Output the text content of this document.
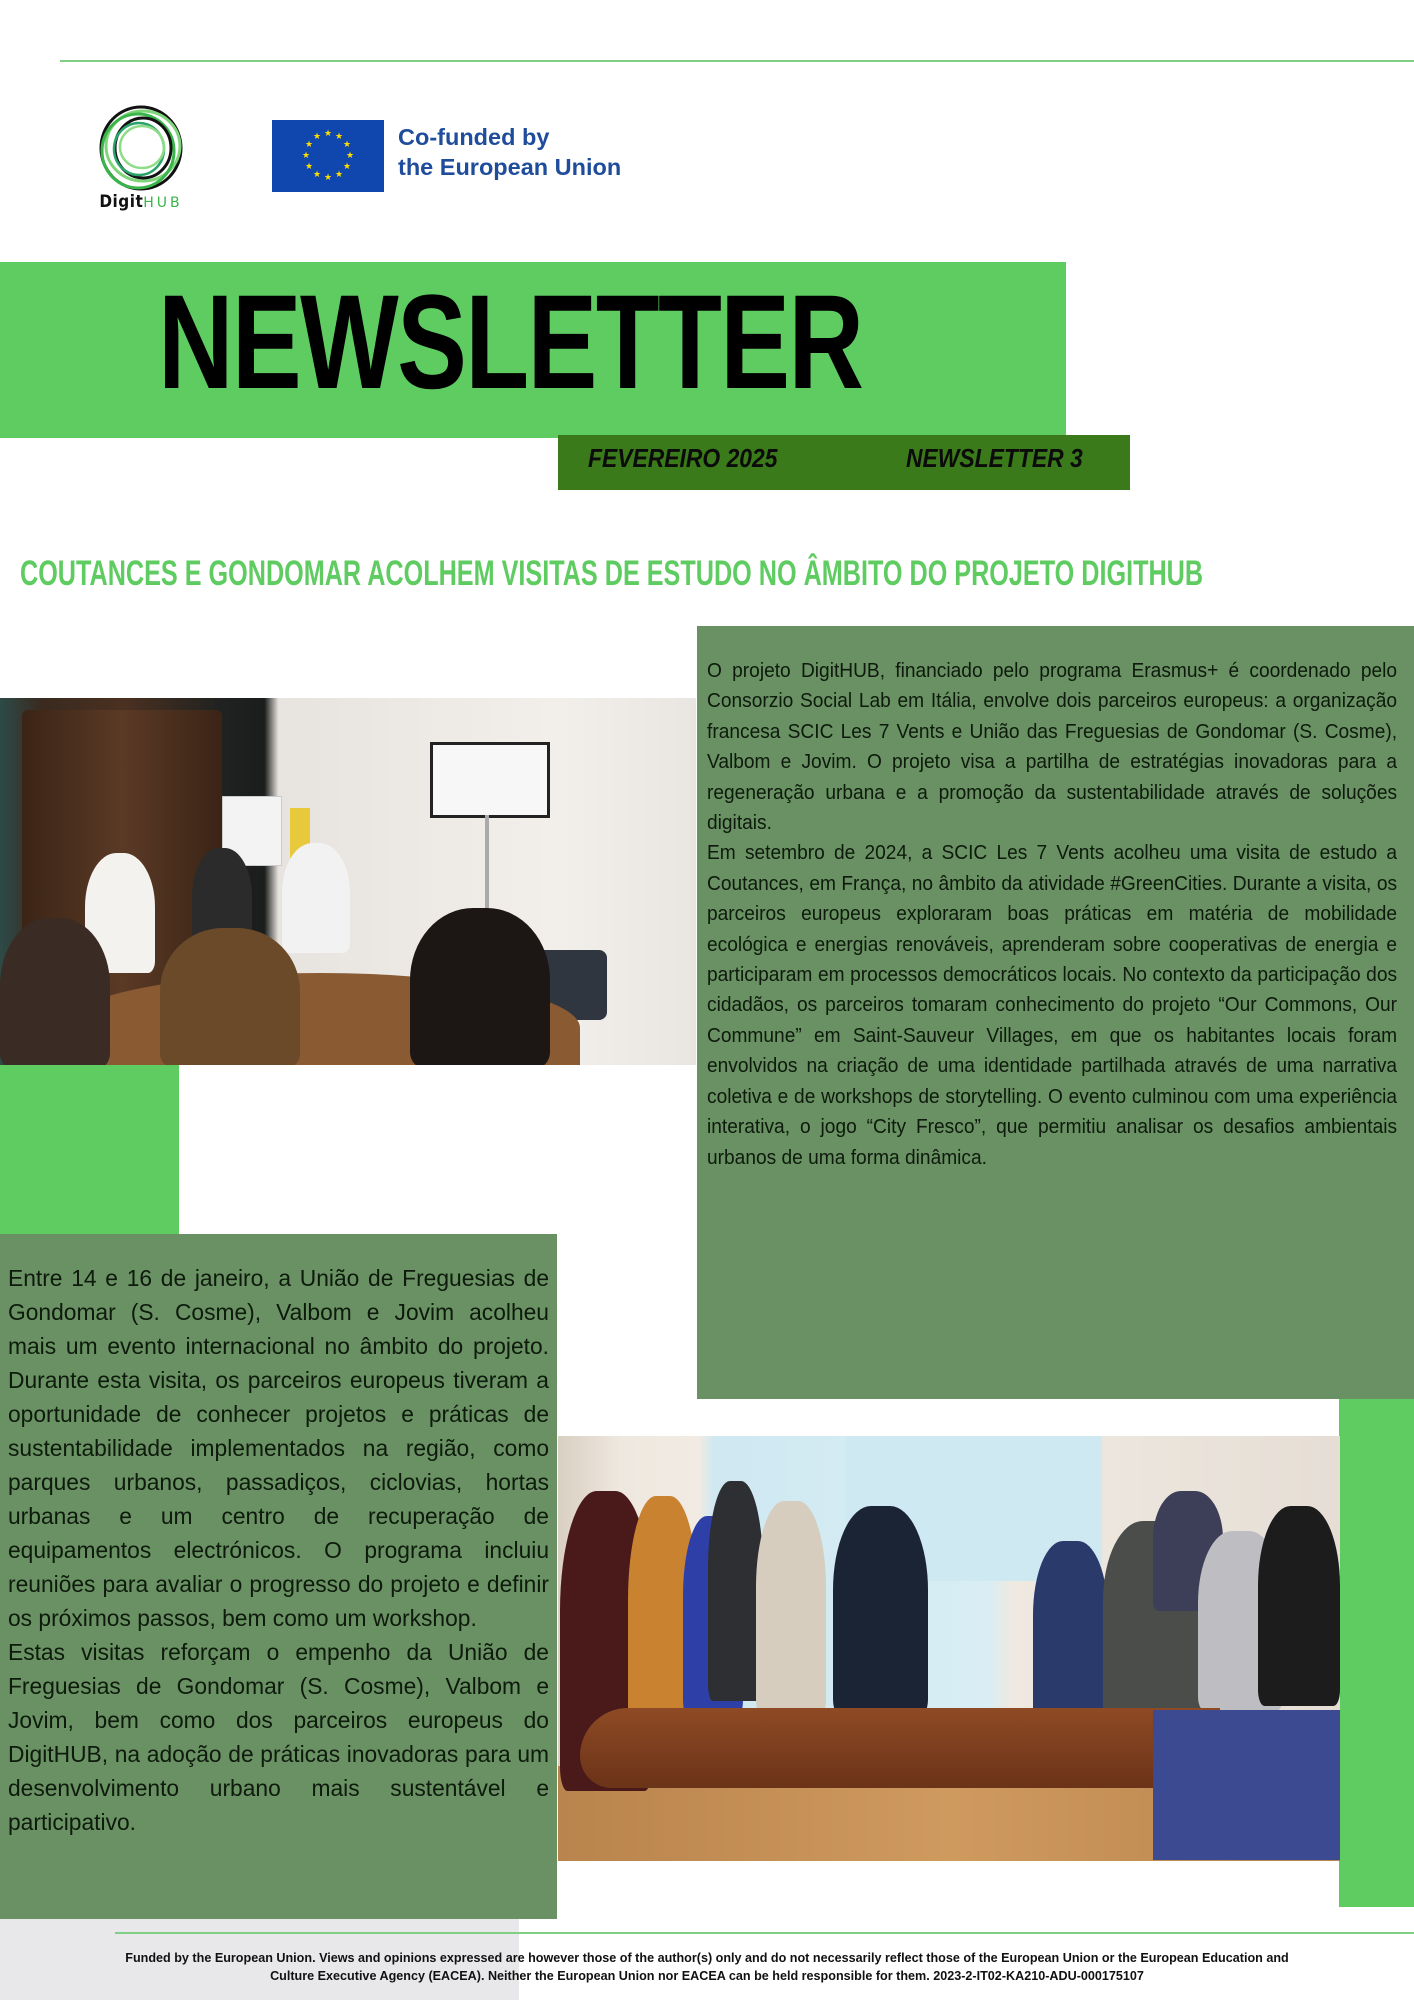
DigitHUB
★ ★
★
★
★
★
★
★
★
★
★
★	Co-funded by
the European Union
NEWSLETTER
FEVEREIRO 2025	NEWSLETTER 3
COUTANCES E GONDOMAR ACOLHEM VISITAS DE ESTUDO NO ÂMBITO DO PROJETO DIGITHUB

O projeto DigitHUB, financiado pelo programa Erasmus+ é coordenado pelo Consorzio Social Lab em Itália, envolve dois parceiros europeus: a organização francesa SCIC Les 7 Vents e União das Freguesias de Gondomar (S. Cosme), Valbom e Jovim. O projeto visa a partilha de estratégias inovadoras para a regeneração urbana e a promoção da sustentabilidade através de soluções digitais.

Em setembro de 2024, a SCIC Les 7 Vents acolheu uma visita de estudo a Coutances, em França, no âmbito da atividade #GreenCities. Durante a visita, os parceiros europeus exploraram boas práticas em matéria de mobilidade ecológica e energias renováveis, aprenderam sobre cooperativas de energia e participaram em processos democráticos locais. No contexto da participação dos cidadãos, os parceiros tomaram conhecimento do projeto “Our Commons, Our Commune” em Saint-Sauveur Villages, em que os habitantes locais foram envolvidos na criação de uma identidade partilhada através de uma narrativa coletiva e de workshops de storytelling. O evento culminou com uma experiência interativa, o jogo “City Fresco”, que permitiu analisar os desafios ambientais urbanos de uma forma dinâmica.

Entre 14 e 16 de janeiro, a União de Freguesias de Gondomar (S. Cosme), Valbom e Jovim acolheu mais um evento internacional no âmbito do projeto. Durante esta visita, os parceiros europeus tiveram a oportunidade de conhecer projetos e práticas de sustentabilidade implementados na região, como parques urbanos, passadiços, ciclovias, hortas urbanas e um centro de recuperação de equipamentos electrónicos. O programa incluiu reuniões para avaliar o progresso do projeto e definir os próximos passos, bem como um workshop.

Estas visitas reforçam o empenho da União de Freguesias de Gondomar (S. Cosme), Valbom e Jovim, bem como dos parceiros europeus do DigitHUB, na adoção de práticas inovadoras para um desenvolvimento urbano mais sustentável e participativo.

Funded by the European Union. Views and opinions expressed are however those of the author(s) only and do not necessarily reflect those of the European Union or the European Education and
Culture Executive Agency (EACEA). Neither the European Union nor EACEA can be held responsible for them. 2023-2-IT02-KA210-ADU-000175107
